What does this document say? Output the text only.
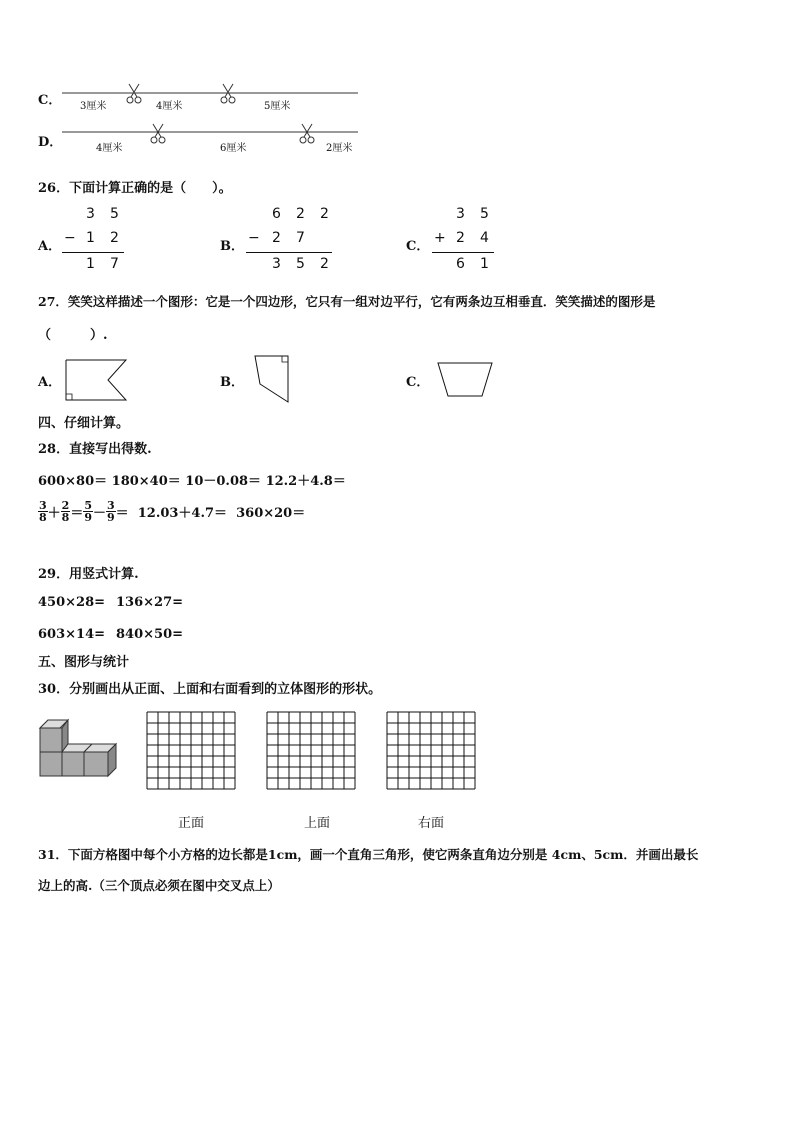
C． 3厘米	4厘米	5厘米
D．	4厘米	6厘米	2厘米
26．下面计算正确的是（　　）。
A．
3 5
− 1 2
1 7
B．
6 2 2
− 2 7
3 5 2
C．
3 5
+ 2 4
6 1
27．笑笑这样描述一个图形：它是一个四边形，它只有一组对边平行，它有两条边互相垂直．笑笑描述的图形是
（　　　）.
A．	B．	C．
四、仔细计算。
28．直接写出得数.
600×80＝ 180×40＝ 10－0.08＝ 12.2＋4.8＝
$\frac{3}{8} + \frac{2}{8} = \frac{5}{9} - \frac{3}{9} = 12.03+4.7= 360\times 20=$
29．用竖式计算.
450×28= 136×27=
603×14= 840×50=
五、图形与统计
30．分别画出从正面、上面和右面看到的立体图形的形状。
正面	上面	右面
31．下面方格图中每个小方格的边长都是1cm，画一个直角三角形，使它两条直角边分别是 4cm、5cm．并画出最长
边上的高.（三个顶点必须在图中交叉点上）
